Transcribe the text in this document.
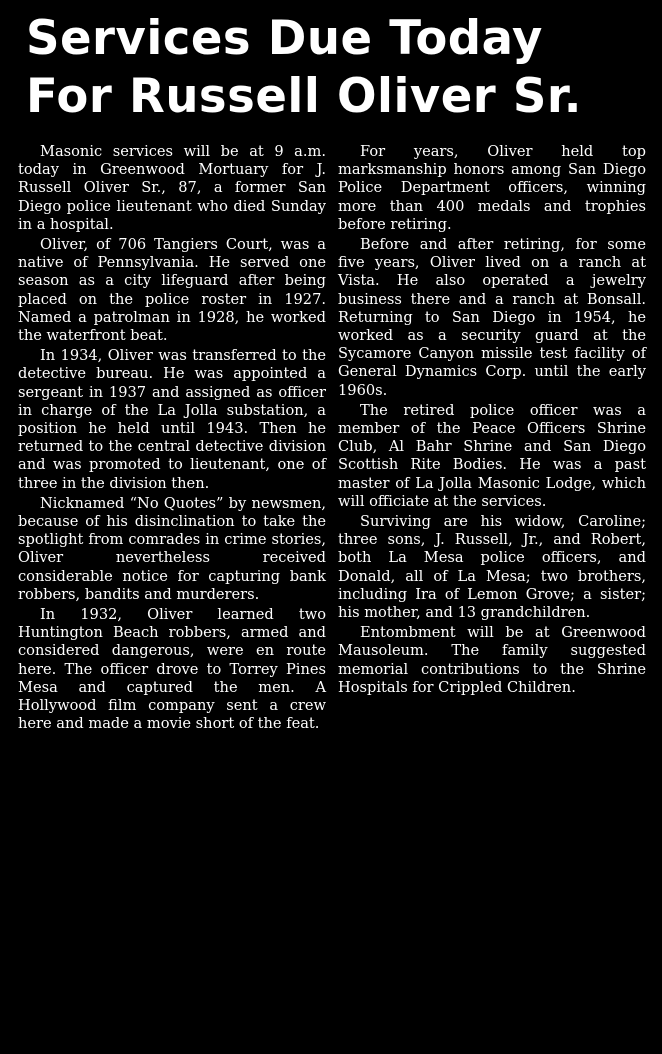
Services Due Today
For Russell Oliver Sr.

Masonic services will be at 9 a.m. today in Greenwood Mortuary for J. Russell Oliver Sr., 87, a former San Diego police lieutenant who died Sunday in a hospital.

Oliver, of 706 Tangiers Court, was a native of Pennsylvania. He served one season as a city lifeguard after being placed on the police roster in 1927. Named a patrolman in 1928, he worked the waterfront beat.

In 1934, Oliver was transferred to the detective bureau. He was appointed a sergeant in 1937 and assigned as officer in charge of the La Jolla substation, a position he held until 1943. Then he returned to the central detective division and was promoted to lieutenant, one of three in the division then.

Nicknamed “No Quotes” by newsmen, because of his disinclination to take the spotlight from comrades in crime stories, Oliver nevertheless received considerable notice for capturing bank robbers, bandits and murderers.

In 1932, Oliver learned two Huntington Beach robbers, armed and considered dangerous, were en route here. The officer drove to Torrey Pines Mesa and captured the men. A Hollywood film company sent a crew here and made a movie short of the feat.

For years, Oliver held top marksmanship honors among San Diego Police Department officers, winning more than 400 medals and trophies before retiring.

Before and after retiring, for some five years, Oliver lived on a ranch at Vista. He also operated a jewelry business there and a ranch at Bonsall. Returning to San Diego in 1954, he worked as a security guard at the Sycamore Canyon missile test facility of General Dynamics Corp. until the early 1960s.

The retired police officer was a member of the Peace Officers Shrine Club, Al Bahr Shrine and San Diego Scottish Rite Bodies. He was a past master of La Jolla Masonic Lodge, which will officiate at the services.

Surviving are his widow, Caroline; three sons, J. Russell, Jr., and Robert, both La Mesa police officers, and Donald, all of La Mesa; two brothers, including Ira of Lemon Grove; a sister; his mother, and 13 grandchildren.

Entombment will be at Greenwood Mausoleum. The family suggested memorial contributions to the Shrine Hospitals for Crippled Children.
